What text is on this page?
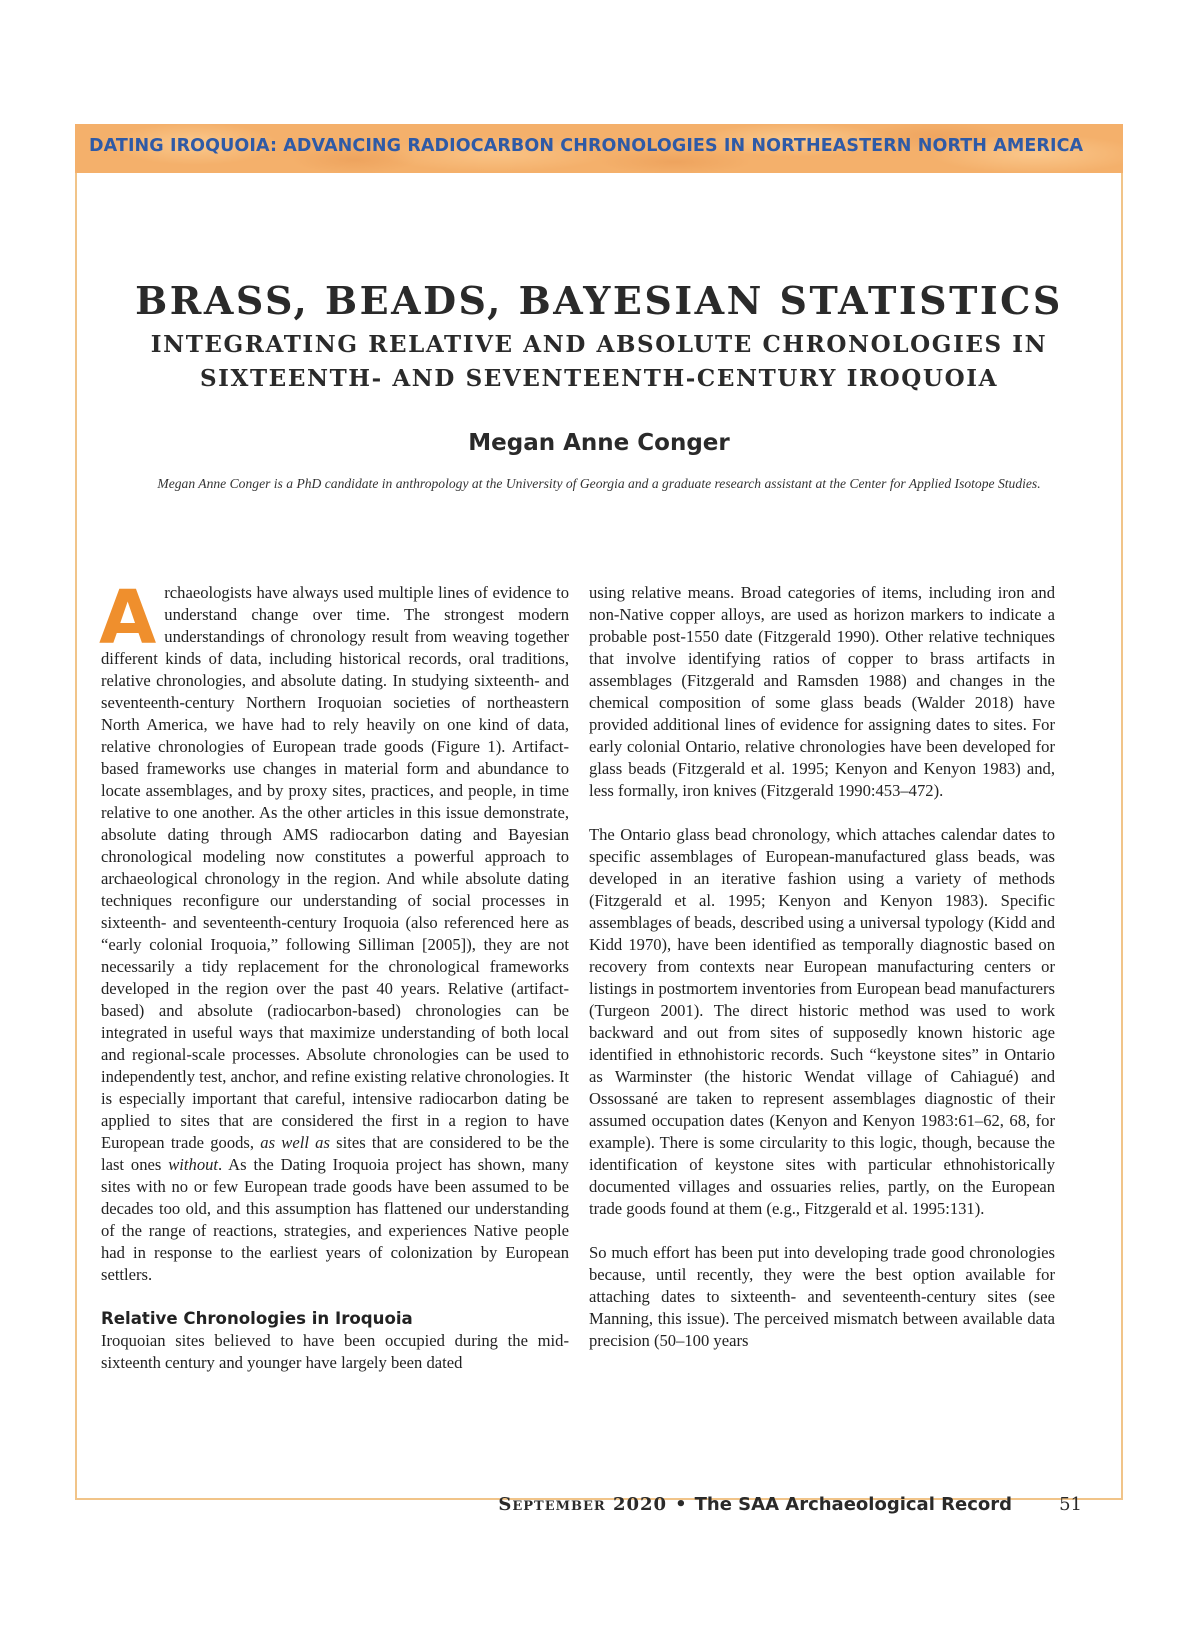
DATING IROQUOIA: ADVANCING RADIOCARBON CHRONOLOGIES IN NORTHEASTERN NORTH AMERICA
BRASS, BEADS, BAYESIAN STATISTICS
INTEGRATING RELATIVE AND ABSOLUTE CHRONOLOGIES IN
SIXTEENTH- AND SEVENTEENTH-CENTURY IROQUOIA
Megan Anne Conger
Megan Anne Conger is a PhD candidate in anthropology at the University of Georgia and a graduate research assistant at the Center for Applied Isotope Studies.

Archaeologists have always used multiple lines of evidence to understand change over time. The strongest modern understandings of chronology result from weaving together different kinds of data, including historical records, oral traditions, relative chronologies, and absolute dating. In studying sixteenth- and seventeenth-century Northern Iroquoian societies of northeastern North America, we have had to rely heavily on one kind of data, relative chronologies of European trade goods (Figure 1). Artifact-based frameworks use changes in material form and abundance to locate assemblages, and by proxy sites, practices, and people, in time relative to one another. As the other articles in this issue demonstrate, absolute dating through AMS radiocarbon dating and Bayesian chronological modeling now constitutes a powerful approach to archaeological chronology in the region. And while absolute dating techniques reconfigure our understanding of social processes in sixteenth- and seventeenth-century Iroquoia (also referenced here as “early colonial Iroquoia,” following Silliman [2005]), they are not necessarily a tidy replacement for the chronological frameworks developed in the region over the past 40 years. Relative (artifact-based) and absolute (radiocarbon-based) chronologies can be integrated in useful ways that maximize understanding of both local and regional-scale processes. Absolute chronologies can be used to independently test, anchor, and refine existing relative chronologies. It is especially important that careful, intensive radiocarbon dating be applied to sites that are considered the first in a region to have European trade goods, as well as sites that are considered to be the last ones without. As the Dating Iroquoia project has shown, many sites with no or few European trade goods have been assumed to be decades too old, and this assumption has flattened our understanding of the range of reactions, strategies, and experiences Native people had in response to the earliest years of colonization by European settlers.

Relative Chronologies in Iroquoia

Iroquoian sites believed to have been occupied during the mid-sixteenth century and younger have largely been dated

using relative means. Broad categories of items, including iron and non-Native copper alloys, are used as horizon markers to indicate a probable post-1550 date (Fitzgerald 1990). Other relative techniques that involve identifying ratios of copper to brass artifacts in assemblages (Fitzgerald and Ramsden 1988) and changes in the chemical composition of some glass beads (Walder 2018) have provided additional lines of evidence for assigning dates to sites. For early colonial Ontario, relative chronologies have been developed for glass beads (Fitzgerald et al. 1995; Kenyon and Kenyon 1983) and, less formally, iron knives (Fitzgerald 1990:453–472).

The Ontario glass bead chronology, which attaches calendar dates to specific assemblages of European-manufactured glass beads, was developed in an iterative fashion using a variety of methods (Fitzgerald et al. 1995; Kenyon and Kenyon 1983). Specific assemblages of beads, described using a universal typology (Kidd and Kidd 1970), have been identified as temporally diagnostic based on recovery from contexts near European manufacturing centers or listings in postmortem inventories from European bead manufacturers (Turgeon 2001). The direct historic method was used to work backward and out from sites of supposedly known historic age identified in ethnohistoric records. Such “keystone sites” in Ontario as Warminster (the historic Wendat village of Cahiagué) and Ossossané are taken to represent assemblages diagnostic of their assumed occupation dates (Kenyon and Kenyon 1983:61–62, 68, for example). There is some circularity to this logic, though, because the identification of keystone sites with particular ethnohistorically documented villages and ossuaries relies, partly, on the European trade goods found at them (e.g., Fitzgerald et al. 1995:131).

So much effort has been put into developing trade good chronologies because, until recently, they were the best option available for attaching dates to sixteenth- and seventeenth-century sites (see Manning, this issue). The perceived mismatch between available data precision (50–100 years

September 2020 • The SAA Archaeological Record	51
